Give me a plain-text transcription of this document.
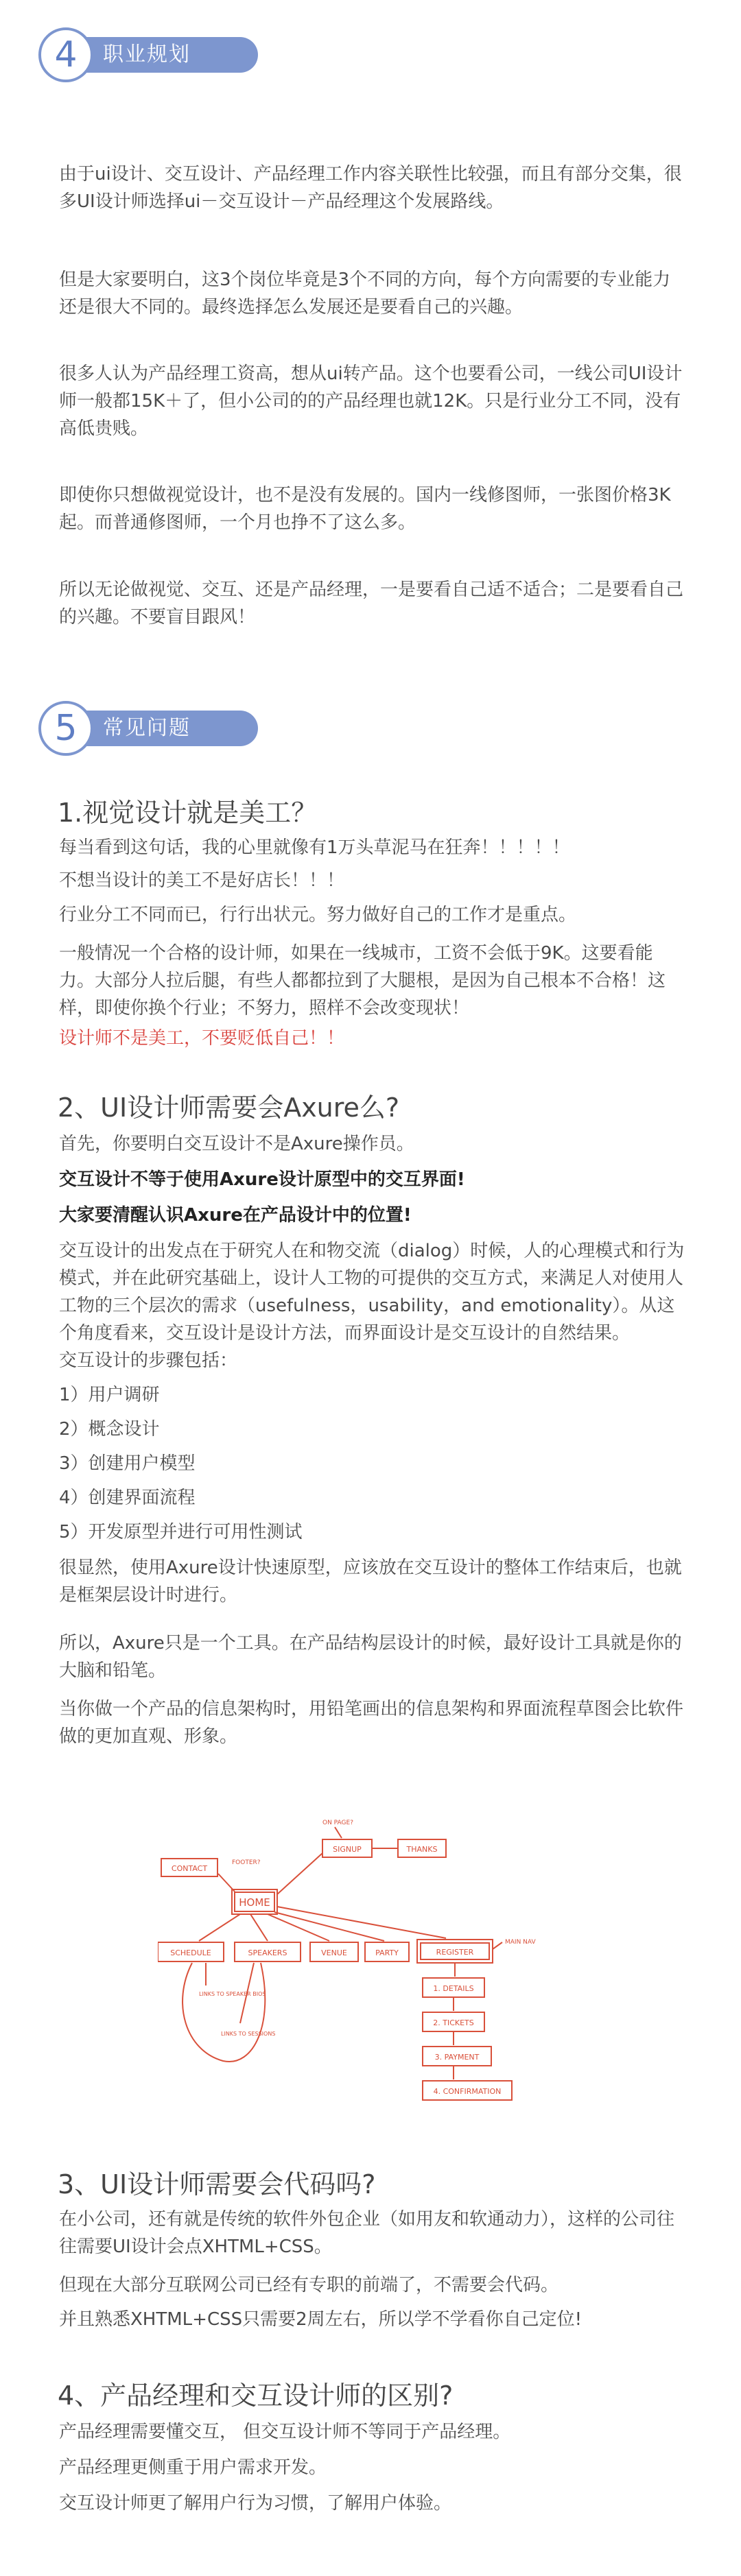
4	职业规划

由于ui设计、交互设计、产品经理工作内容关联性比较强，而且有部分交集，很多UI设计师选择ui－交互设计－产品经理这个发展路线。

但是大家要明白，这3个岗位毕竟是3个不同的方向，每个方向需要的专业能力还是很大不同的。最终选择怎么发展还是要看自己的兴趣。

很多人认为产品经理工资高，想从ui转产品。这个也要看公司，一线公司UI设计师一般都15K＋了，但小公司的的产品经理也就12K。只是行业分工不同，没有高低贵贱。

即使你只想做视觉设计，也不是没有发展的。国内一线修图师，一张图价格3K起。而普通修图师，一个月也挣不了这么多。

所以无论做视觉、交互、还是产品经理，一是要看自己适不适合；二是要看自己的兴趣。不要盲目跟风！

5	常见问题
1.视觉设计就是美工？

每当看到这句话，我的心里就像有1万头草泥马在狂奔！！！！！

不想当设计的美工不是好店长！！！

行业分工不同而已，行行出状元。努力做好自己的工作才是重点。

一般情况一个合格的设计师，如果在一线城市，工资不会低于9K。这要看能力。大部分人拉后腿，有些人都都拉到了大腿根，是因为自己根本不合格！这样，即使你换个行业；不努力，照样不会改变现状！

设计师不是美工，不要贬低自己！！

2、UI设计师需要会Axure么?

首先，你要明白交互设计不是Axure操作员。

交互设计不等于使用Axure设计原型中的交互界面!

大家要清醒认识Axure在产品设计中的位置!

交互设计的出发点在于研究人在和物交流（dialog）时候，人的心理模式和行为模式，并在此研究基础上，设计人工物的可提供的交互方式，来满足人对使用人工物的三个层次的需求（usefulness，usability，and emotionality）。从这个角度看来，交互设计是设计方法，而界面设计是交互设计的自然结果。

交互设计的步骤包括：

1）用户调研

2）概念设计

3）创建用户模型

4）创建界面流程

5）开发原型并进行可用性测试

很显然，使用Axure设计快速原型，应该放在交互设计的整体工作结束后，也就是框架层设计时进行。

所以，Axure只是一个工具。在产品结构层设计的时候，最好设计工具就是你的大脑和铅笔。

当你做一个产品的信息架构时，用铅笔画出的信息架构和界面流程草图会比软件做的更加直观、形象。

HOME
CONTACT
FOOTER?
SIGNUP
ON PAGE?
THANKS
SCHEDULE	SPEAKERS	VENUE	PARTY	REGISTER
MAIN NAV
LINKS TO SPEAKER BIOS
LINKS TO SESSIONS
1. DETAILS
2. TICKETS
3. PAYMENT
4. CONFIRMATION
3、UI设计师需要会代码吗?

在小公司，还有就是传统的软件外包企业（如用友和软通动力），这样的公司往往需要UI设计会点XHTML+CSS。

但现在大部分互联网公司已经有专职的前端了，不需要会代码。

并且熟悉XHTML+CSS只需要2周左右，所以学不学看你自己定位!

4、产品经理和交互设计师的区别?

产品经理需要懂交互， 但交互设计师不等同于产品经理。

产品经理更侧重于用户需求开发。

交互设计师更了解用户行为习惯，了解用户体验。
